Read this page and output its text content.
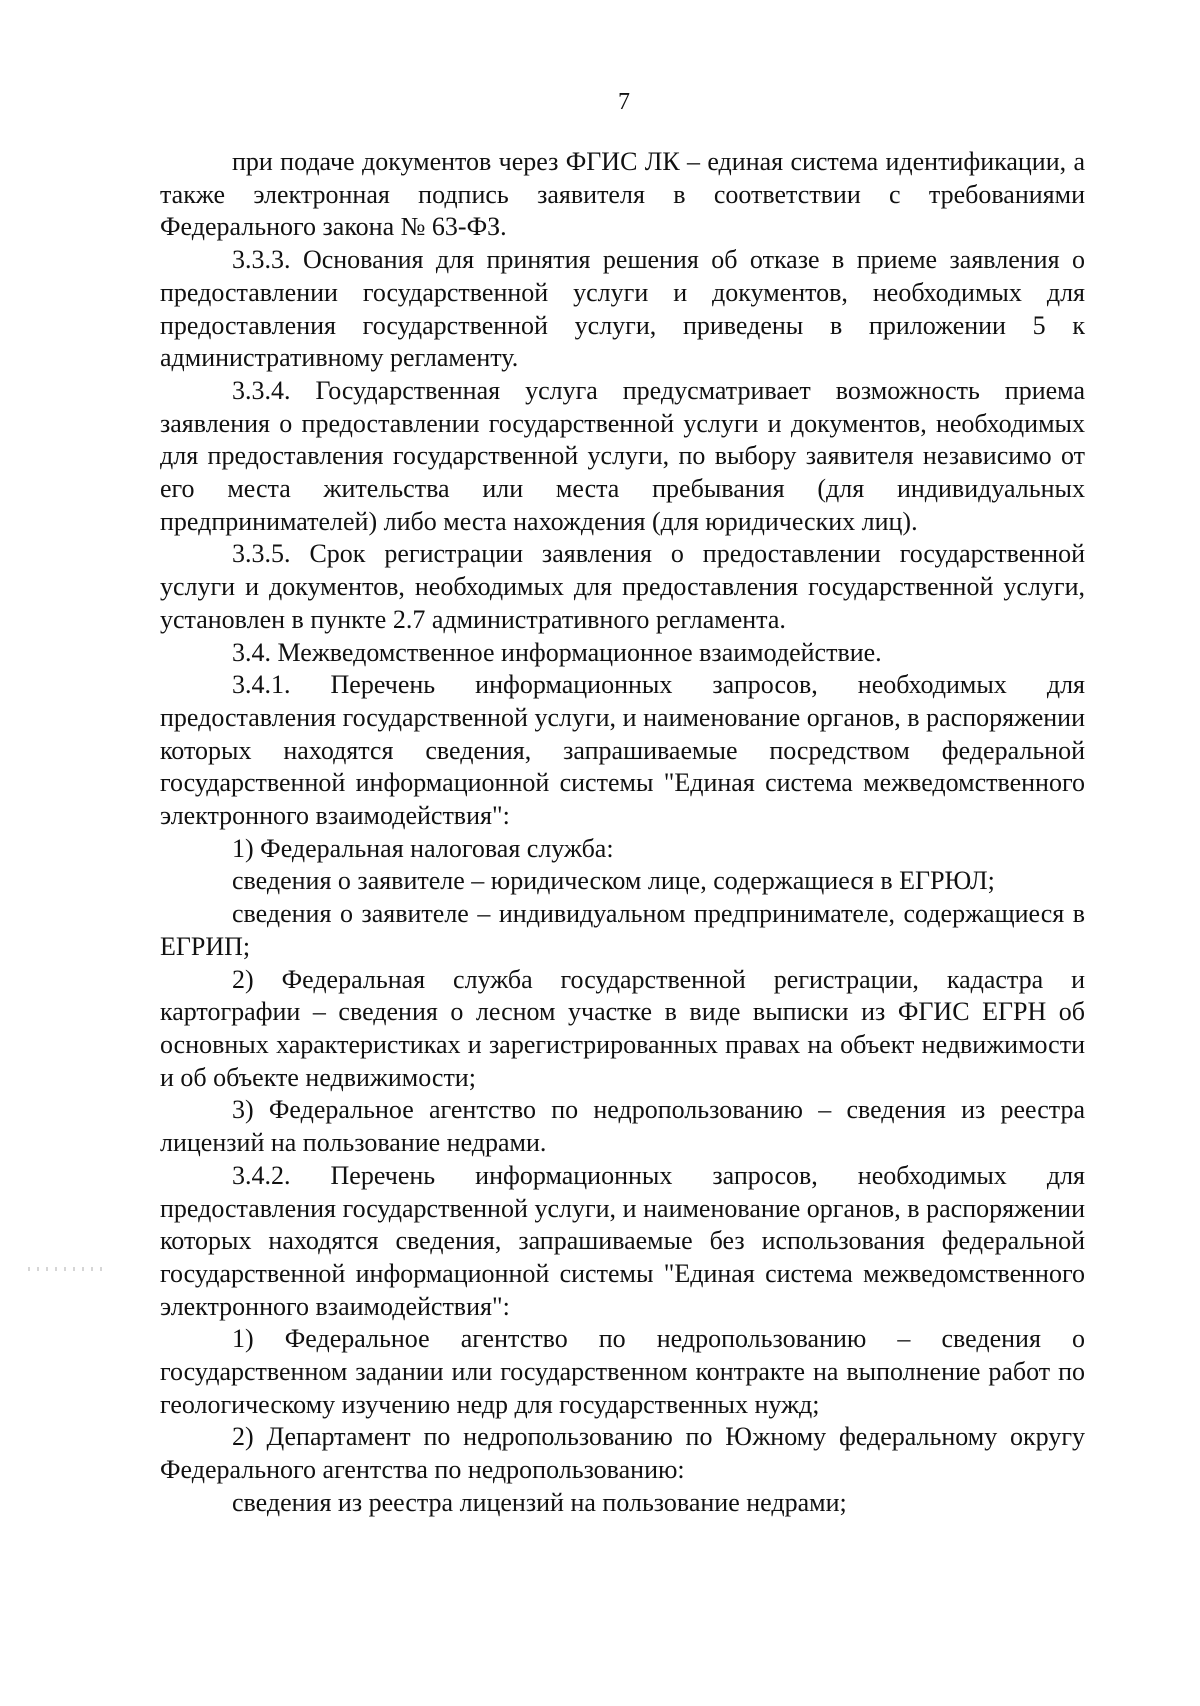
7

при подаче документов через ФГИС ЛК – единая система идентификации, а также электронная подпись заявителя в соответствии с требованиями Федерального закона № 63-ФЗ.

3.3.3. Основания для принятия решения об отказе в приеме заявления о предоставлении государственной услуги и документов, необходимых для предоставления государственной услуги, приведены в приложении 5 к административному регламенту.

3.3.4. Государственная услуга предусматривает возможность приема заявления о предоставлении государственной услуги и документов, необходимых для предоставления государственной услуги, по выбору заявителя независимо от его места жительства или места пребывания (для индивидуальных предпринимателей) либо места нахождения (для юридических лиц).

3.3.5. Срок регистрации заявления о предоставлении государственной услуги и документов, необходимых для предоставления государственной услуги, установлен в пункте 2.7 административного регламента.

3.4. Межведомственное информационное взаимодействие.

3.4.1. Перечень информационных запросов, необходимых для предоставления государственной услуги, и наименование органов, в распоряжении которых находятся сведения, запрашиваемые посредством федеральной государственной информационной системы "Единая система межведомственного электронного взаимодействия":

1) Федеральная налоговая служба:

сведения о заявителе – юридическом лице, содержащиеся в ЕГРЮЛ;

сведения о заявителе – индивидуальном предпринимателе, содержащиеся в ЕГРИП;

2) Федеральная служба государственной регистрации, кадастра и картографии – сведения о лесном участке в виде выписки из ФГИС ЕГРН об основных характеристиках и зарегистрированных правах на объект недвижимости и об объекте недвижимости;

3) Федеральное агентство по недропользованию – сведения из реестра лицензий на пользование недрами.

3.4.2. Перечень информационных запросов, необходимых для предоставления государственной услуги, и наименование органов, в распоряжении которых находятся сведения, запрашиваемые без использования федеральной государственной информационной системы "Единая система межведомственного электронного взаимодействия":

1) Федеральное агентство по недропользованию – сведения о государственном задании или государственном контракте на выполнение работ по геологическому изучению недр для государственных нужд;

2) Департамент по недропользованию по Южному федеральному округу Федерального агентства по недропользованию:

сведения из реестра лицензий на пользование недрами;
